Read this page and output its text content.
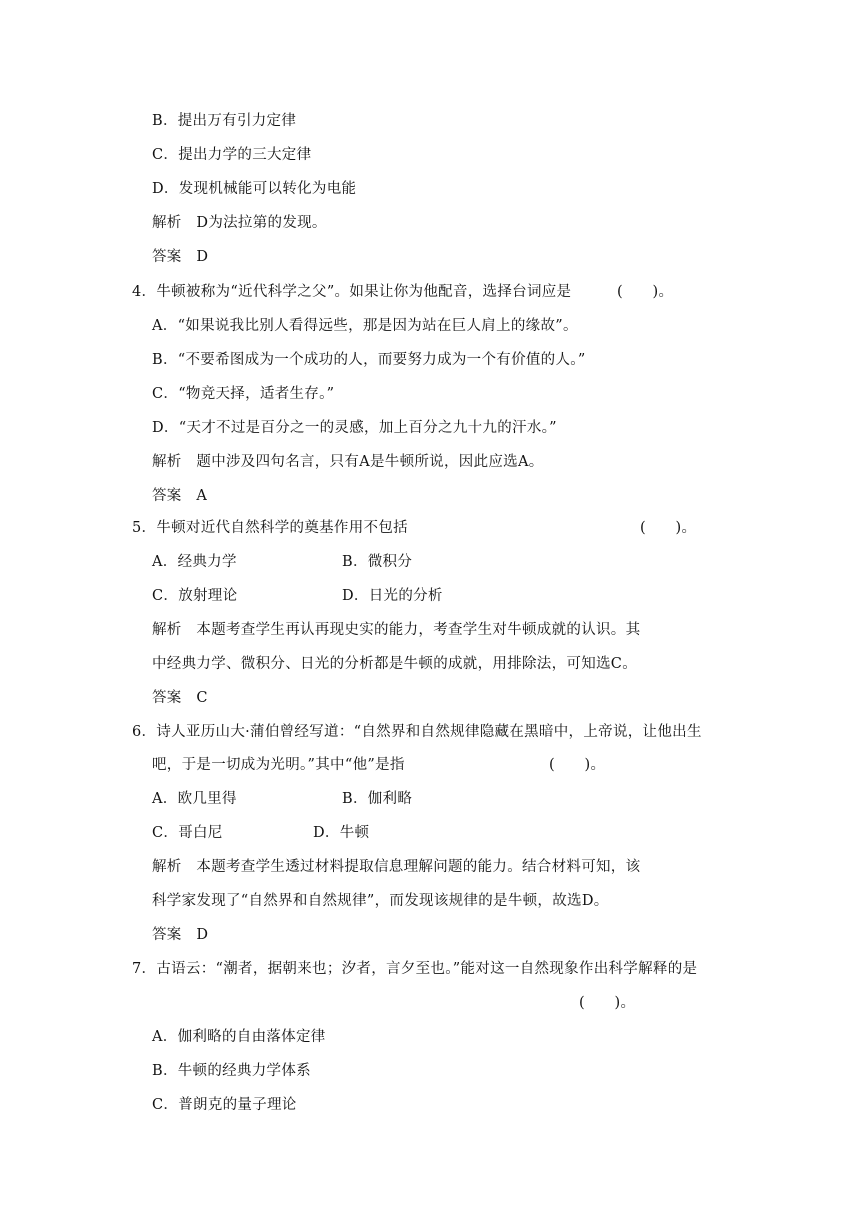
B．提出万有引力定律
C．提出力学的三大定律
D．发现机械能可以转化为电能
解析　D为法拉第的发现。
答案　D
4．牛顿被称为“近代科学之父”。如果让你为他配音，选择台词应是	(　　)。
A．“如果说我比别人看得远些，那是因为站在巨人肩上的缘故”。
B．“不要希图成为一个成功的人，而要努力成为一个有价值的人。”
C．“物竞天择，适者生存。”
D．“天才不过是百分之一的灵感，加上百分之九十九的汗水。”
解析　题中涉及四句名言，只有A是牛顿所说，因此应选A。
答案　A
5．牛顿对近代自然科学的奠基作用不包括	(　　)。
A．经典力学	B．微积分
C．放射理论	D．日光的分析
解析　本题考查学生再认再现史实的能力，考查学生对牛顿成就的认识。其
中经典力学、微积分、日光的分析都是牛顿的成就，用排除法，可知选C。
答案　C
6．诗人亚历山大·蒲伯曾经写道：“自然界和自然规律隐藏在黑暗中，上帝说，让他出生
吧，于是一切成为光明。”其中“他”是指	(　　)。
A．欧几里得	B．伽利略
C．哥白尼	D．牛顿
解析　本题考查学生透过材料提取信息理解问题的能力。结合材料可知，该
科学家发现了“自然界和自然规律”，而发现该规律的是牛顿，故选D。
答案　D
7．古语云：“潮者，据朝来也；汐者，言夕至也。”能对这一自然现象作出科学解释的是
(　　)。
A．伽利略的自由落体定律
B．牛顿的经典力学体系
C．普朗克的量子理论
